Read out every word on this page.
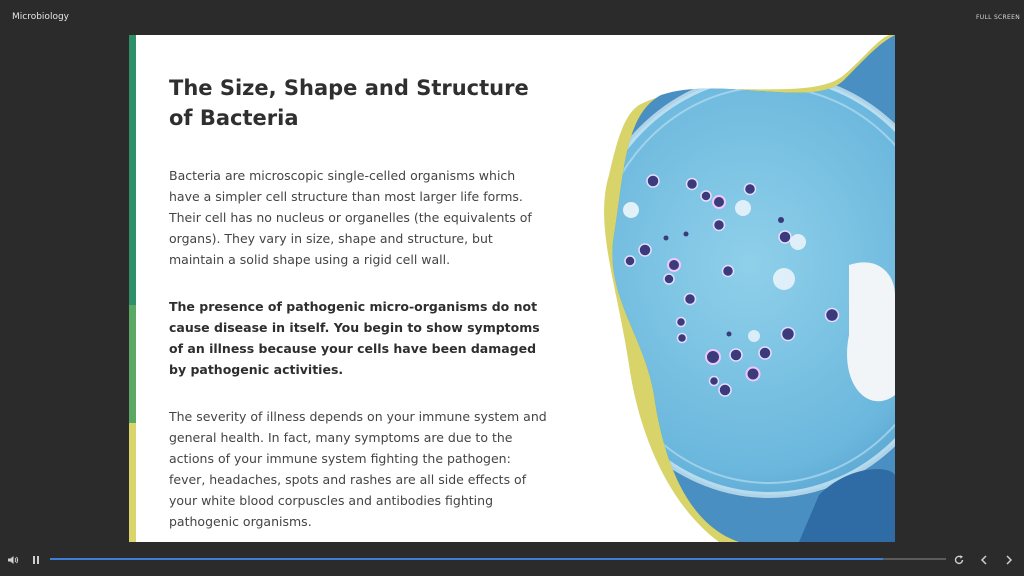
Microbiology	FULL SCREEN
The Size, Shape and Structure of Bacteria

Bacteria are microscopic single-celled organisms which have a simpler cell structure than most larger life forms. Their cell has no nucleus or organelles (the equivalents of organs). They vary in size, shape and structure, but maintain a solid shape using a rigid cell wall.

The presence of pathogenic micro-organisms do not cause disease in itself. You begin to show symptoms of an illness because your cells have been damaged by pathogenic activities.

The severity of illness depends on your immune system and general health. In fact, many symptoms are due to the actions of your immune system fighting the pathogen: fever, headaches, spots and rashes are all side effects of your white blood corpuscles and antibodies fighting pathogenic organisms.
